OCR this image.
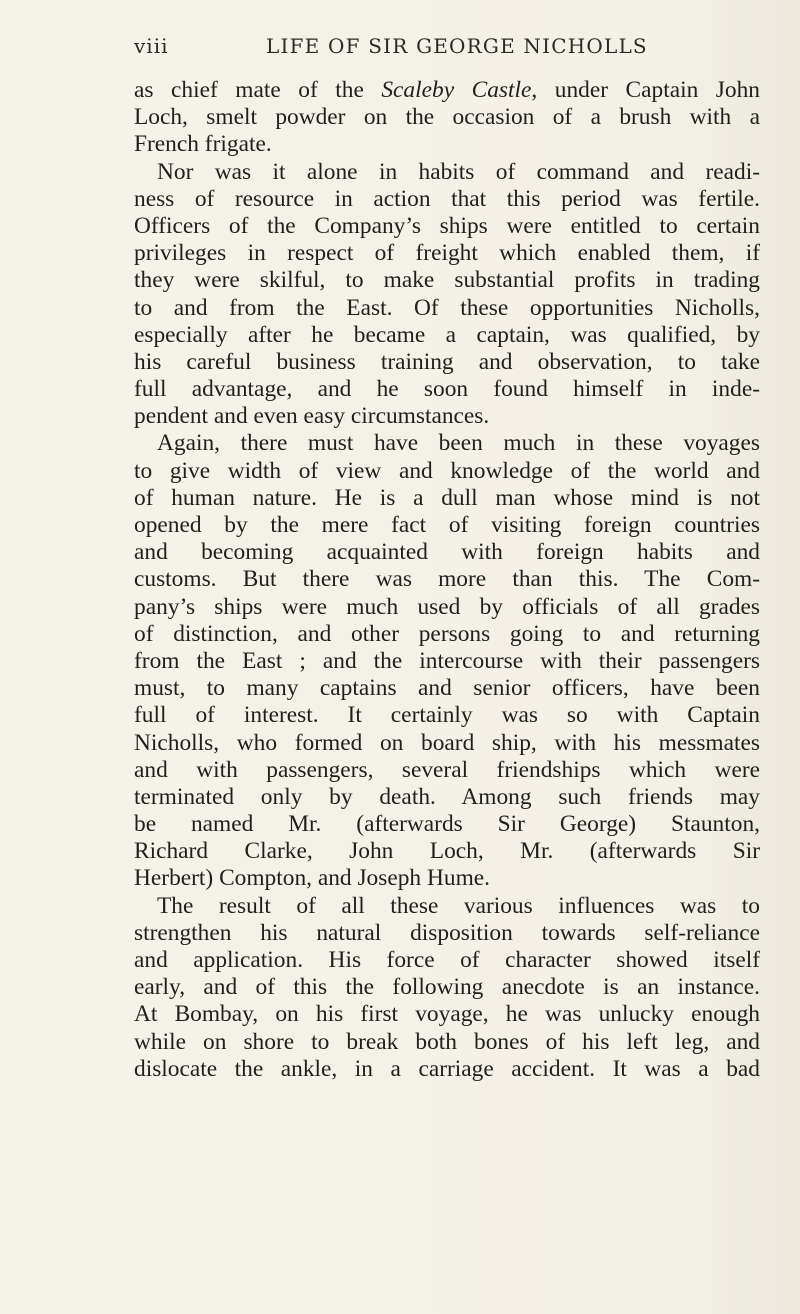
viii	LIFE OF SIR GEORGE NICHOLLS
as chief mate of the Scaleby Castle, under Captain John
Loch, smelt powder on the occasion of a brush with a
French frigate.
Nor was it alone in habits of command and readi-
ness of resource in action that this period was fertile.
Officers of the Company’s ships were entitled to certain
privileges in respect of freight which enabled them, if
they were skilful, to make substantial profits in trading
to and from the East. Of these opportunities Nicholls,
especially after he became a captain, was qualified, by
his careful business training and observation, to take
full advantage, and he soon found himself in inde-
pendent and even easy circumstances.
Again, there must have been much in these voyages
to give width of view and knowledge of the world and
of human nature. He is a dull man whose mind is not
opened by the mere fact of visiting foreign countries
and becoming acquainted with foreign habits and
customs. But there was more than this. The Com-
pany’s ships were much used by officials of all grades
of distinction, and other persons going to and returning
from the East ; and the intercourse with their passengers
must, to many captains and senior officers, have been
full of interest. It certainly was so with Captain
Nicholls, who formed on board ship, with his messmates
and with passengers, several friendships which were
terminated only by death. Among such friends may
be named Mr. (afterwards Sir George) Staunton,
Richard Clarke, John Loch, Mr. (afterwards Sir
Herbert) Compton, and Joseph Hume.
The result of all these various influences was to
strengthen his natural disposition towards self-reliance
and application. His force of character showed itself
early, and of this the following anecdote is an instance.
At Bombay, on his first voyage, he was unlucky enough
while on shore to break both bones of his left leg, and
dislocate the ankle, in a carriage accident. It was a bad
